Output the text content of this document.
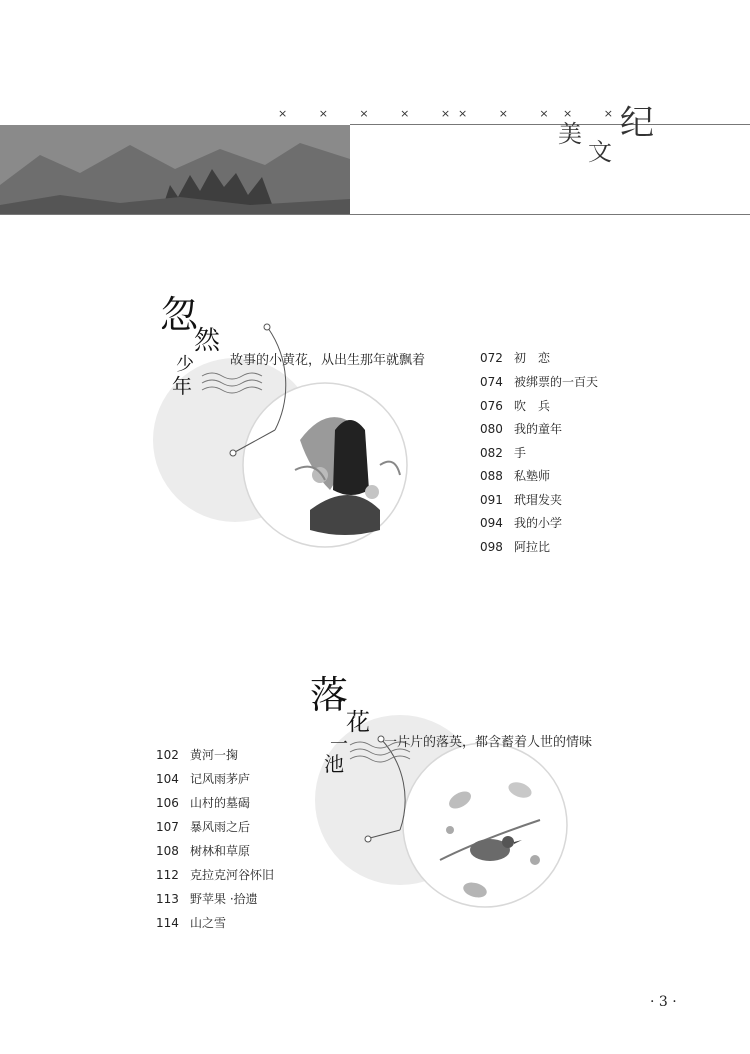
× × × × ×
× × × × ×
美
文
纪
忽
然
少
年
故事的小黄花，从出生那年就飘着	072 初　恋
074 被绑票的一百天
076 吹　兵
080 我的童年
082 手
088 私塾师
091 玳瑁发夹
094 我的小学
098 阿拉比
落
花
一
池
一片片的落英，都含蓄着人世的情味
102 黄河一掬
104 记风雨茅庐
106 山村的墓碣
107 暴风雨之后
108 树林和草原
112 克拉克河谷怀旧
113 野苹果 ·拾遗
114 山之雪
· 3 ·
